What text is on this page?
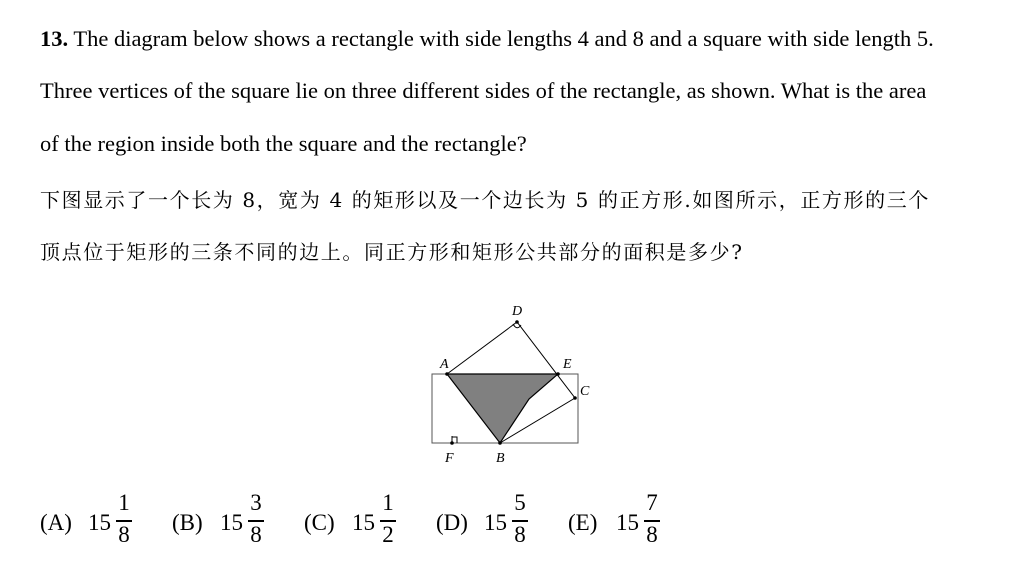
13. The diagram below shows a rectangle with side lengths 4 and 8 and a square with side length 5.
Three vertices of the square lie on three different sides of the rectangle, as shown. What is the area
of the region inside both the square and the rectangle?
下图显示了一个长为 8，宽为 4 的矩形以及一个边长为 5 的正方形.如图所示，正方形的三个
顶点位于矩形的三条不同的边上。同正方形和矩形公共部分的面积是多少?
D
A	E
C
F	B
(A) 15
1
8 (B) 15
3
8 (C) 15
1
2 (D) 15
5
8 (E) 15
7
8
